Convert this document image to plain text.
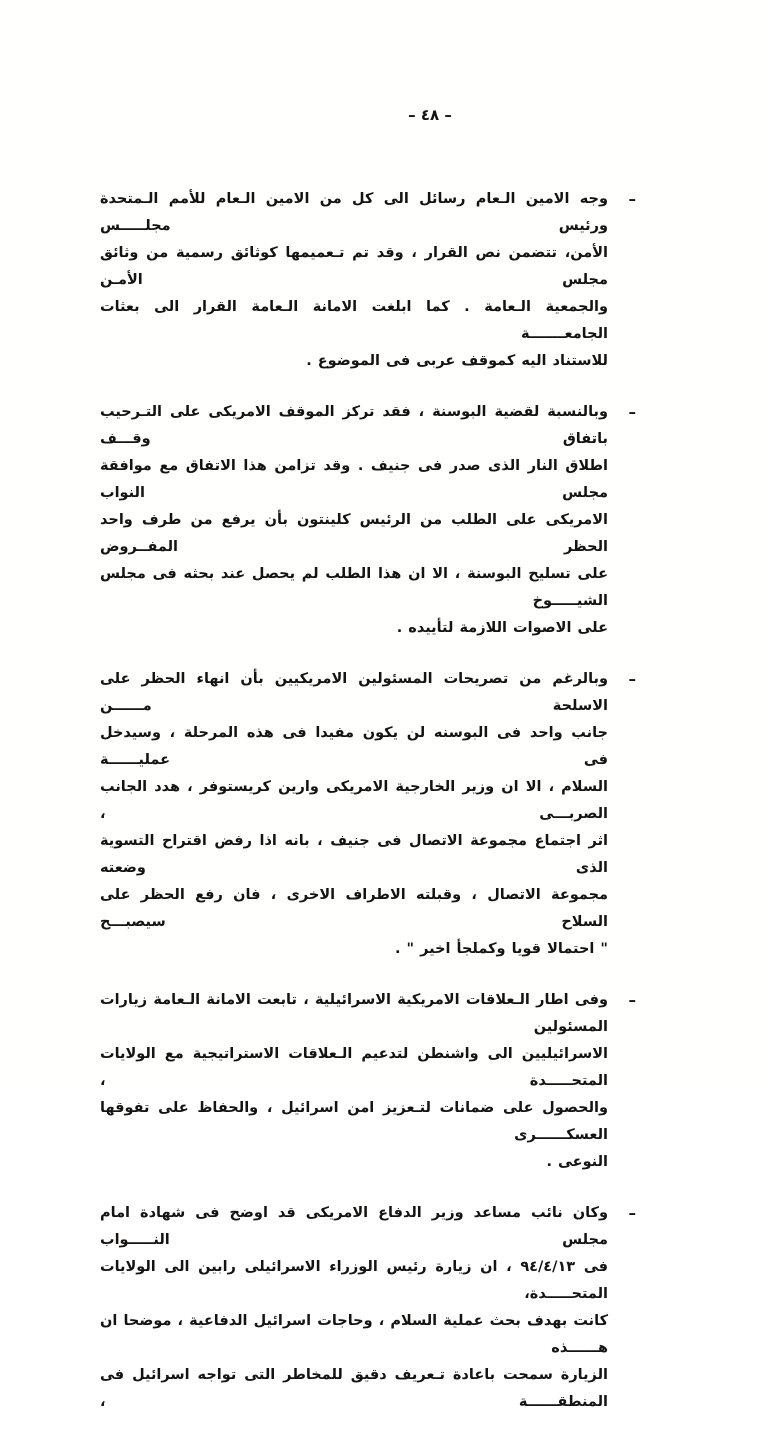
– ٤٨ –
–
وجه الامين الـعام رسائل الى كل من الامين الـعام للأمم الـمتحدة ورئيس مجلـــــس
الأمن، تتضمن نص القرار ، وقد تم تـعميمها كوثائق رسمية من وثائق مجلس الأمـن
والجمعية الـعامة . كما ابلغت الامانة الـعامة القرار الى بعثات الجامعـــــــة
للاستناد اليه كموقف عربى فى الموضوع .
–
وبالنسبة لقضية البوسنة ، فقد تركز الموقف الامريكى على التـرحيب باتفاق وقـــف
اطلاق النار الذى صدر فى جنيف . وقد تزامن هذا الاتفاق مع موافقة مجلس النواب
الامريكى على الطلب من الرئيس كلينتون بأن يرفع من طرف واحد الحظر المفــروض
على تسليح البوسنة ، الا ان هذا الطلب لم يحصل عند بحثه فى مجلس الشيـــــوخ
على الاصوات اللازمة لتأييده .
–
وبالرغم من تصريحات المسئولين الامريكيين بأن انهاء الحظر على الاسلحة مــــــن
جانب واحد فى البوسنه لن يكون مفيدا فى هذه المرحلة ، وسيدخل فى عمليــــــة
السلام ، الا ان وزير الخارجية الامريكى وارين كريستوفر ، هدد الجانب الصربـــى ،
اثر اجتماع مجموعة الاتصال فى جنيف ، بانه اذا رفض اقتراح التسوية الذى وضعته
مجموعة الاتصال ، وقبلته الاطراف الاخرى ، فان رفع الحظر على السلاح سيصبـــح
" احتمالا قويا وكملجأ اخير " .
–
وفى اطار الـعلاقات الامريكية الاسرائيلية ، تابعت الامانة الـعامة زيارات المسئولين
الاسرائيليين الى واشنطن لتدعيم الـعلاقات الاستراتيجية مع الولايات المتحـــــدة ،
والحصول على ضمانات لتـعزيز امن اسرائيل ، والحفاظ على تفوقها العسكــــــرى
النوعى .
–
وكان نائب مساعد وزير الدفاع الامريكى قد اوضح فى شهادة امام مجلس النـــــواب
فى ٩٤/٤/١٣ ، ان زيارة رئيس الوزراء الاسرائيلى رابين الى الولايات المتحـــــدة،
كانت بهدف بحث عملية السلام ، وحاجات اسرائيل الدفاعية ، موضحا ان هــــــذه
الزيارة سمحت باعادة تـعريف دقيق للمخاطر التى تواجه اسرائيل فى المنطقــــــة ،
